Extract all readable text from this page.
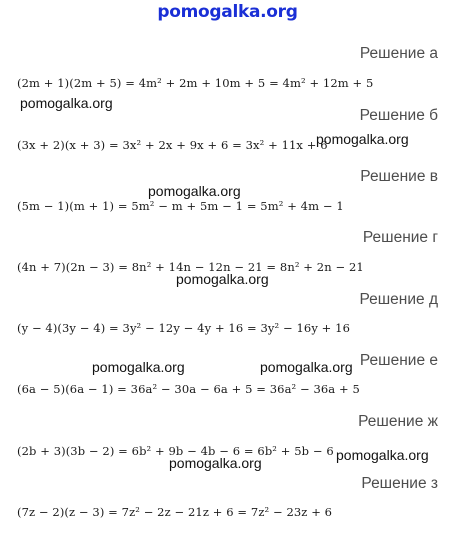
pomogalka.org
Решение а
(2m + 1)(2m + 5) = 4m² + 2m + 10m + 5 = 4m² + 12m + 5
Решение б
(3x + 2)(x + 3) = 3x² + 2x + 9x + 6 = 3x² + 11x + 6
Решение в
(5m − 1)(m + 1) = 5m² − m + 5m − 1 = 5m² + 4m − 1
Решение г
(4n + 7)(2n − 3) = 8n² + 14n − 12n − 21 = 8n² + 2n − 21
Решение д
(y − 4)(3y − 4) = 3y² − 12y − 4y + 16 = 3y² − 16y + 16
Решение е
(6a − 5)(6a − 1) = 36a² − 30a − 6a + 5 = 36a² − 36a + 5
Решение ж
(2b + 3)(3b − 2) = 6b² + 9b − 4b − 6 = 6b² + 5b − 6
Решение з
(7z − 2)(z − 3) = 7z² − 2z − 21z + 6 = 7z² − 23z + 6
pomogalka.org
pomogalka.org
pomogalka.org
pomogalka.org
pomogalka.org	pomogalka.org
pomogalka.org
pomogalka.org
